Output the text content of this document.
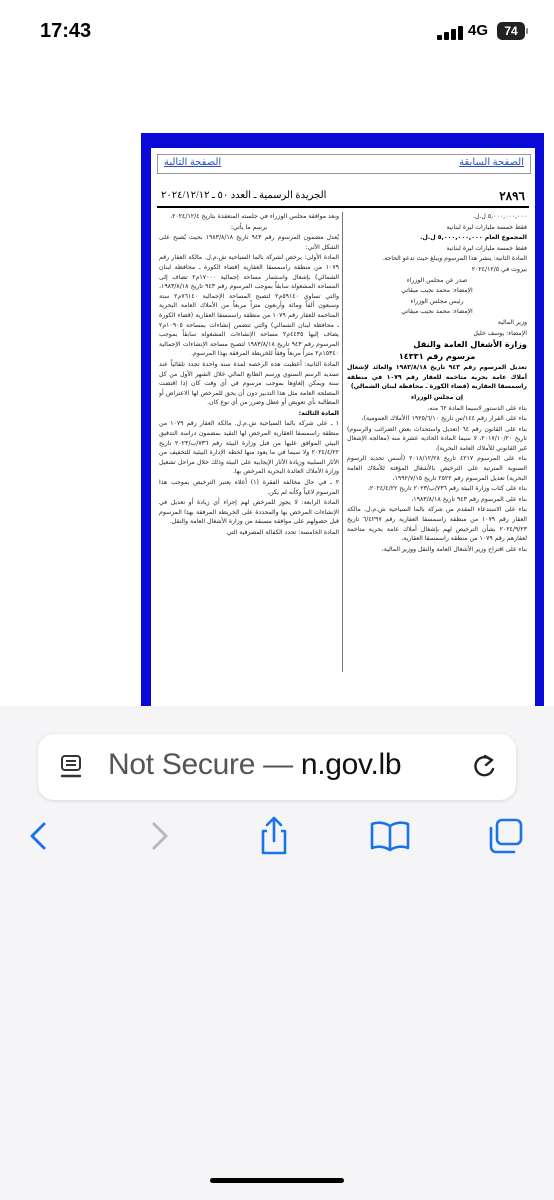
17:43	4G	74
الصفحة السابقة
الصفحة التالية
٢٨٩٦
الجريدة الرسمية ـ العدد ٥٠ ـ ٢٠٢٤/١٢/١٢

٥,٠٠٠,٠٠٠,٠٠٠ ل.ل.

فقط خمسة مليارات ليرة لبنانية

المجموع العام ٥,٠٠٠,٠٠٠,٠٠٠ ل.ل.

فقط خمسة مليارات ليرة لبنانية

المادة الثانية: ينشر هذا المرسوم ويبلغ حيث تدعو الحاجة.

بيروت في ٢٠٢٤/١٢/٥

صدر عن مجلس الوزراء

الإمضاء: محمد نجيب ميقاتي

رئيس مجلس الوزراء

الإمضاء: محمد نجيب ميقاتي

وزير المالية

الإمضاء: يوسف خليل

وزارة الأشغال العامة والنقل

مرسوم رقم ١٤٣٣١

تعديل المرسوم رقم ٩٤٣ تاريخ ١٩٨٣/٨/١٨ والعائد لإشغال أملاك عامة بحرية متاخمة للعقار رقم ١٠٧٩ في منطقة راسمسقا العقارية (قضاء الكورة ـ محافظة لبنان الشمالي)

إن مجلس الوزراء

بناء على الدستور لاسيما المادة ٦٢ منه،

بناء على القرار رقم ١٤٤/س تاريخ ١٩٢٥/٦/١٠ (الأملاك العمومية)،

بناء على القانون رقم ٦٤ (تعديل واستحداث بعض الضرائب والرسوم) تاريخ ٢٠١٧/١٠/٢٠، لا سيما المادة الحادية عشرة منه (معالجة الإشغال غير القانوني للأملاك العامة البحرية)،

بناء على المرسوم ٤٢١٧ تاريخ ٢٠١٨/١٢/٢٨ (أسس تحديد الرسوم السنوية المترتبة على الترخيص بالأشغال المؤقتة للأملاك العامة البحرية) تعديل المرسوم رقم ٢٥٢٢ تاريخ ١٩٩٢/٧/١٥،

بناء على كتاب وزارة البيئة رقم ٧٣٦/ب/٢٠٢٣ تاريخ ٢٠٢٤/٤/٢٢،

بناء على المرسوم رقم ٩٤٣ تاريخ ١٩٨٣/٨/١٨،

بناء على الاستدعاء المقدم من شركة بالما السياحية ش.م.ل. مالكة العقار رقم ١٠٧٩ من منطقة راسمسقا العقارية رقم ٦/٤٢٩٧ تاريخ ٢٠٢٤/٩/٢٣ بشأن الترخيص لهم بإشغال أملاك عامة بحرية متاخمة لعقارهم رقم ١٠٧٩ من منطقة راسمسقا العقارية،

بناء على اقتراح وزير الأشغال العامة والنقل ووزير المالية،

وبعد موافقة مجلس الوزراء في جلسته المنعقدة بتاريخ ٢٠٢٤/١٢/٤،

يرسم ما يأتي:

يُعدل مضمون المرسوم رقم ٩٤٣ تاريخ ١٩٨٣/٨/١٨ بحيث يُصبح على الشكل الآتي:

المادة الأولى: يرخص لشركة بالما السياحية ش.م.ل. مالكة العقار رقم ١٠٧٩ من منطقة راسمسقا العقارية (قضاء الكورة ـ محافظة لبنان الشمالي) بإشغال واستثمار مساحة إجمالية ١٧٠٠٠م٢ تضاف إلى المساحة المشغولة سابقاً بموجب المرسوم رقم ٩٤٣ تاريخ ١٩٨٣/٨/١٨، والتي تساوي ٥٩١٤٠م٢ لتصبح المساحة الإجمالية ٧٦١٤٠م٢ ستة وسبعون ألفاً ومائة وأربعون متراً مربعاً من الأملاك العامة البحرية المتاخمة للعقار رقم ١٠٧٩ من منطقة راسمسقا العقارية (قضاء الكورة ـ محافظة لبنان الشمالي) والتي تتضمن إنشاءات بمساحة ١٠٩٠٥م٢ يضاف إليها ٤٤٣٥م٢ مساحة الإنشاءات المشغولة سابقاً بموجب المرسوم رقم ٩٤٣ تاريخ ١٩٨٣/٨/١٨ لتصبح مساحة الإنشاءات الإجمالية ١٥٣٤٠م٢ متراً مربعاً وفقاً للخريطة المرفقة بهذا المرسوم.

المادة الثانية: أعطيت هذه الرخصة لمدة سنة واحدة تجدد تلقائياً عند تسديد الرسم السنوي ورسم الطابع المالي خلال الشهر الأول من كل سنة ويمكن إلغاؤها بموجب مرسوم في أي وقت كان إذا اقتضت المصلحة العامة مثل هذا التدبير دون أن يحق للمرخص لها الاعتراض أو المطالبة بأي تعويض أو عطل وضرر من أي نوع كان.

المادة الثالثة:

١ ـ على شركة بالما السياحية ش.م.ل. مالكة العقار رقم ١٠٧٩ من منطقة راسمسقا العقارية المرخص لها التقيد بمضمون دراسة التدقيق البيئي الموافق عليها من قبل وزارة البيئة رقم ٧٣٦/ب/٢٠٢٣ تاريخ ٢٠٢٤/٤/٢٢ ولا سيما في ما يعود منها لخطة الإدارة البيئية للتخفيف من الآثار السلبية وزيادة الآثار الإيجابية على البيئة وذلك خلال مراحل تشغيل وزارة الأملاك العائدة البحرية المرخص بها.

٢ ـ في حال مخالفة الفقرة (١) أعلاه يعتبر الترخيص بموجب هذا المرسوم لاغياً وكأنه لم يكن.

المادة الرابعة: لا يجوز للمرخص لهم إجراء أي زيادة أو تعديل في الإنشاءات المرخص بها والمحددة على الخريطة المرفقة بهذا المرسوم قبل حصولهم على موافقة مسبقة من وزارة الأشغال العامة والنقل.

المادة الخامسة: تحدد الكفالة المصرفية التي

Not Secure — n.gov.lb
